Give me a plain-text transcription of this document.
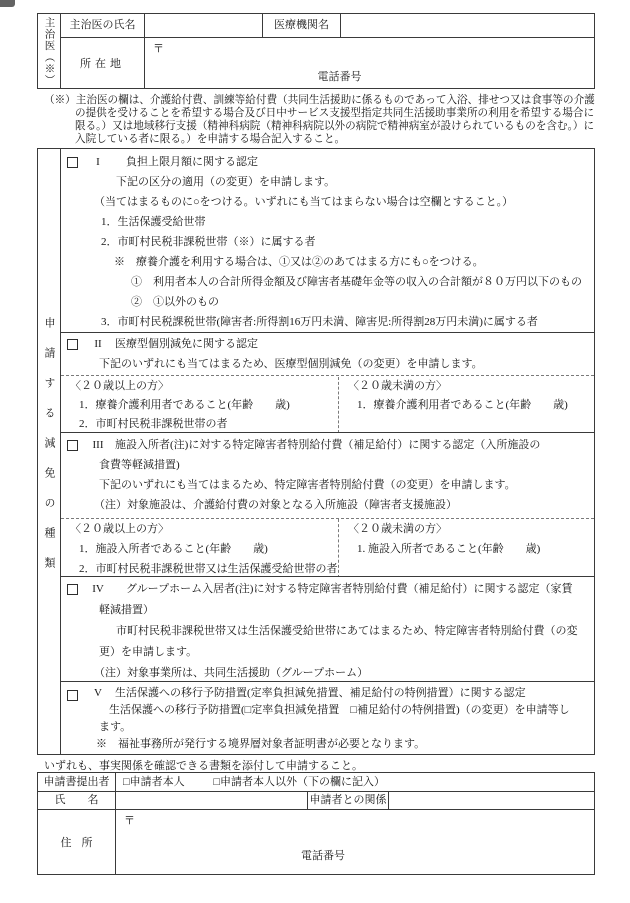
主治医（※）	主治医の氏名	医療機関名
所在地
〒
電話番号
（※）主治医の欄は、介護給付費、訓練等給付費（共同生活援助に係るものであって入浴、排せつ又は食事等の介護の提供を受けることを希望する場合及び日中サービス支援型指定共同生活援助事業所の利用を希望する場合に限る。）又は地域移行支援（精神科病院（精神科病院以外の病院で精神病室が設けられているものを含む。）に入院している者に限る。）を申請する場合記入すること。
申請する減免の種類
I	負担上限月額に関する認定
下記の区分の適用（の変更）を申請します。
（当てはまるものに○をつける。いずれにも当てはまらない場合は空欄とすること。）
1．生活保護受給世帯
2．市町村民税非課税世帯（※）に属する者
※　療養介護を利用する場合は、①又は②のあてはまる方にも○をつける。
①　利用者本人の合計所得金額及び障害者基礎年金等の収入の合計額が８０万円以下のもの
②　①以外のもの
3．市町村民税課税世帯(障害者:所得割16万円未満、障害児:所得割28万円未満)に属する者
II	医療型個別減免に関する認定
下記のいずれにも当てはまるため、医療型個別減免（の変更）を申請します。
〈２０歳以上の方〉
1．療養介護利用者であること(年齢　　歳)
2．市町村民税非課税世帯の者
〈２０歳未満の方〉
1．療養介護利用者であること(年齢　　歳)
III	施設入所者(注)に対する特定障害者特別給付費（補足給付）に関する認定（入所施設の
食費等軽減措置)
下記のいずれにも当てはまるため、特定障害者特別給付費（の変更）を申請します。
（注）対象施設は、介護給付費の対象となる入所施設（障害者支援施設）
〈２０歳以上の方〉
1．施設入所者であること(年齢　　歳)
2．市町村民税非課税世帯又は生活保護受給世帯の者
〈２０歳未満の方〉
1. 施設入所者であること(年齢　　歳)
IV	グループホーム入居者(注)に対する特定障害者特別給付費（補足給付）に関する認定（家賃
軽減措置）
市町村民税非課税世帯又は生活保護受給世帯にあてはまるため、特定障害者特別給付費（の変
更）を申請します。
（注）対象事業所は、共同生活援助（グループホーム）
V	生活保護への移行予防措置(定率負担減免措置、補足給付の特例措置）に関する認定
生活保護への移行予防措置(□定率負担減免措置　□補足給付の特例措置)（の変更）を申請等し
ます。
※　福祉事務所が発行する境界層対象者証明書が必要となります。
いずれも、事実関係を確認できる書類を添付して申請すること。
申請書提出者	□申請者本人	□申請者本人以外（下の欄に記入）
氏　　名	申請者との関係
住所
〒
電話番号
